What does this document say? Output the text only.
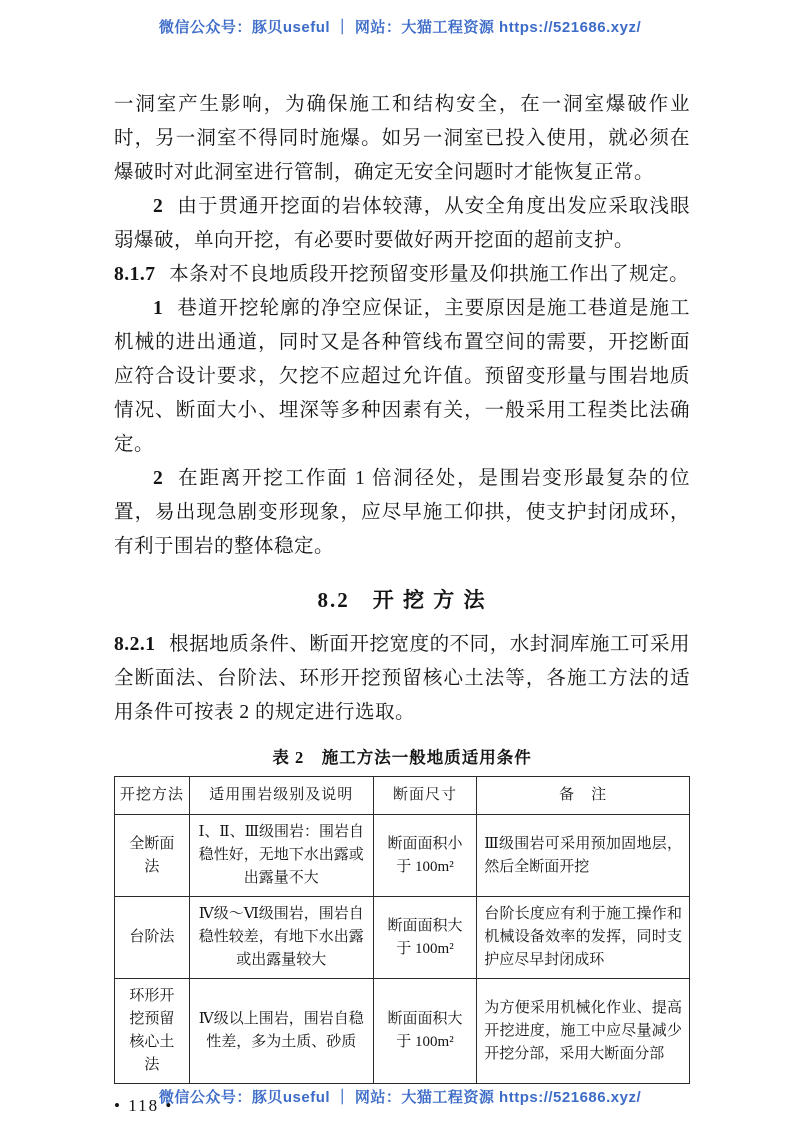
微信公众号：豚贝useful ｜ 网站：大猫工程资源 https://521686.xyz/

一洞室产生影响，为确保施工和结构安全，在一洞室爆破作业时，另一洞室不得同时施爆。如另一洞室已投入使用，就必须在爆破时对此洞室进行管制，确定无安全问题时才能恢复正常。

2 由于贯通开挖面的岩体较薄，从安全角度出发应采取浅眼弱爆破，单向开挖，有必要时要做好两开挖面的超前支护。

8.1.7 本条对不良地质段开挖预留变形量及仰拱施工作出了规定。

1 巷道开挖轮廓的净空应保证，主要原因是施工巷道是施工机械的进出通道，同时又是各种管线布置空间的需要，开挖断面应符合设计要求，欠挖不应超过允许值。预留变形量与围岩地质情况、断面大小、埋深等多种因素有关，一般采用工程类比法确定。

2 在距离开挖工作面 1 倍洞径处，是围岩变形最复杂的位置，易出现急剧变形现象，应尽早施工仰拱，使支护封闭成环，有利于围岩的整体稳定。

8.2　开 挖 方 法

8.2.1 根据地质条件、断面开挖宽度的不同，水封洞库施工可采用全断面法、台阶法、环形开挖预留核心土法等，各施工方法的适用条件可按表 2 的规定进行选取。

表 2　施工方法一般地质适用条件
开挖方法	适用围岩级别及说明	断面尺寸	备　注
全断面法	Ⅰ、Ⅱ、Ⅲ级围岩：围岩自稳性好，无地下水出露或出露量不大	断面面积小于 100m²	Ⅲ级围岩可采用预加固地层，然后全断面开挖
台阶法	Ⅳ级～Ⅵ级围岩，围岩自稳性较差，有地下水出露或出露量较大	断面面积大于 100m²	台阶长度应有利于施工操作和机械设备效率的发挥，同时支护应尽早封闭成环
环形开挖预留核心土法	Ⅳ级以上围岩，围岩自稳性差，多为土质、砂质	断面面积大于 100m²	为方便采用机械化作业、提高开挖进度，施工中应尽量减少开挖分部，采用大断面分部
• 118 •
微信公众号：豚贝useful ｜ 网站：大猫工程资源 https://521686.xyz/
